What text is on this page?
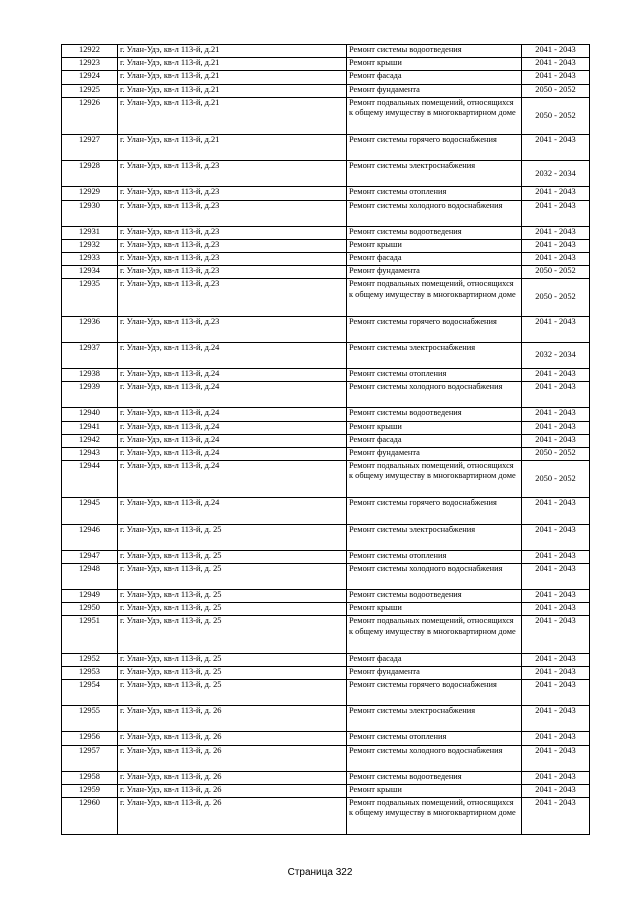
12922	г. Улан-Удэ, кв-л 113-й, д.21	Ремонт системы водоотведения	2041 - 2043
12923	г. Улан-Удэ, кв-л 113-й, д.21	Ремонт крыши	2041 - 2043
12924	г. Улан-Удэ, кв-л 113-й, д.21	Ремонт фасада	2041 - 2043
12925	г. Улан-Удэ, кв-л 113-й, д.21	Ремонт фундамента	2050 - 2052
12926	г. Улан-Удэ, кв-л 113-й, д.21	Ремонт подвальных помещений, относящихся к общему имуществу в многоквартирном доме	2050 - 2052
12927	г. Улан-Удэ, кв-л 113-й, д.21	Ремонт системы горячего водоснабжения	2041 - 2043
12928	г. Улан-Удэ, кв-л 113-й, д.23	Ремонт системы электроснабжения	2032 - 2034
12929	г. Улан-Удэ, кв-л 113-й, д.23	Ремонт системы отопления	2041 - 2043
12930	г. Улан-Удэ, кв-л 113-й, д.23	Ремонт системы холодного водоснабжения	2041 - 2043
12931	г. Улан-Удэ, кв-л 113-й, д.23	Ремонт системы водоотведения	2041 - 2043
12932	г. Улан-Удэ, кв-л 113-й, д.23	Ремонт крыши	2041 - 2043
12933	г. Улан-Удэ, кв-л 113-й, д.23	Ремонт фасада	2041 - 2043
12934	г. Улан-Удэ, кв-л 113-й, д.23	Ремонт фундамента	2050 - 2052
12935	г. Улан-Удэ, кв-л 113-й, д.23	Ремонт подвальных помещений, относящихся к общему имуществу в многоквартирном доме	2050 - 2052
12936	г. Улан-Удэ, кв-л 113-й, д.23	Ремонт системы горячего водоснабжения	2041 - 2043
12937	г. Улан-Удэ, кв-л 113-й, д.24	Ремонт системы электроснабжения	2032 - 2034
12938	г. Улан-Удэ, кв-л 113-й, д.24	Ремонт системы отопления	2041 - 2043
12939	г. Улан-Удэ, кв-л 113-й, д.24	Ремонт системы холодного водоснабжения	2041 - 2043
12940	г. Улан-Удэ, кв-л 113-й, д.24	Ремонт системы водоотведения	2041 - 2043
12941	г. Улан-Удэ, кв-л 113-й, д.24	Ремонт крыши	2041 - 2043
12942	г. Улан-Удэ, кв-л 113-й, д.24	Ремонт фасада	2041 - 2043
12943	г. Улан-Удэ, кв-л 113-й, д.24	Ремонт фундамента	2050 - 2052
12944	г. Улан-Удэ, кв-л 113-й, д.24	Ремонт подвальных помещений, относящихся к общему имуществу в многоквартирном доме	2050 - 2052
12945	г. Улан-Удэ, кв-л 113-й, д.24	Ремонт системы горячего водоснабжения	2041 - 2043
12946	г. Улан-Удэ, кв-л 113-й, д. 25	Ремонт системы электроснабжения	2041 - 2043
12947	г. Улан-Удэ, кв-л 113-й, д. 25	Ремонт системы отопления	2041 - 2043
12948	г. Улан-Удэ, кв-л 113-й, д. 25	Ремонт системы холодного водоснабжения	2041 - 2043
12949	г. Улан-Удэ, кв-л 113-й, д. 25	Ремонт системы водоотведения	2041 - 2043
12950	г. Улан-Удэ, кв-л 113-й, д. 25	Ремонт крыши	2041 - 2043
12951	г. Улан-Удэ, кв-л 113-й, д. 25	Ремонт подвальных помещений, относящихся к общему имуществу в многоквартирном доме	2041 - 2043
12952	г. Улан-Удэ, кв-л 113-й, д. 25	Ремонт фасада	2041 - 2043
12953	г. Улан-Удэ, кв-л 113-й, д. 25	Ремонт фундамента	2041 - 2043
12954	г. Улан-Удэ, кв-л 113-й, д. 25	Ремонт системы горячего водоснабжения	2041 - 2043
12955	г. Улан-Удэ, кв-л 113-й, д. 26	Ремонт системы электроснабжения	2041 - 2043
12956	г. Улан-Удэ, кв-л 113-й, д. 26	Ремонт системы отопления	2041 - 2043
12957	г. Улан-Удэ, кв-л 113-й, д. 26	Ремонт системы холодного водоснабжения	2041 - 2043
12958	г. Улан-Удэ, кв-л 113-й, д. 26	Ремонт системы водоотведения	2041 - 2043
12959	г. Улан-Удэ, кв-л 113-й, д. 26	Ремонт крыши	2041 - 2043
12960	г. Улан-Удэ, кв-л 113-й, д. 26	Ремонт подвальных помещений, относящихся к общему имуществу в многоквартирном доме	2041 - 2043
Страница 322
